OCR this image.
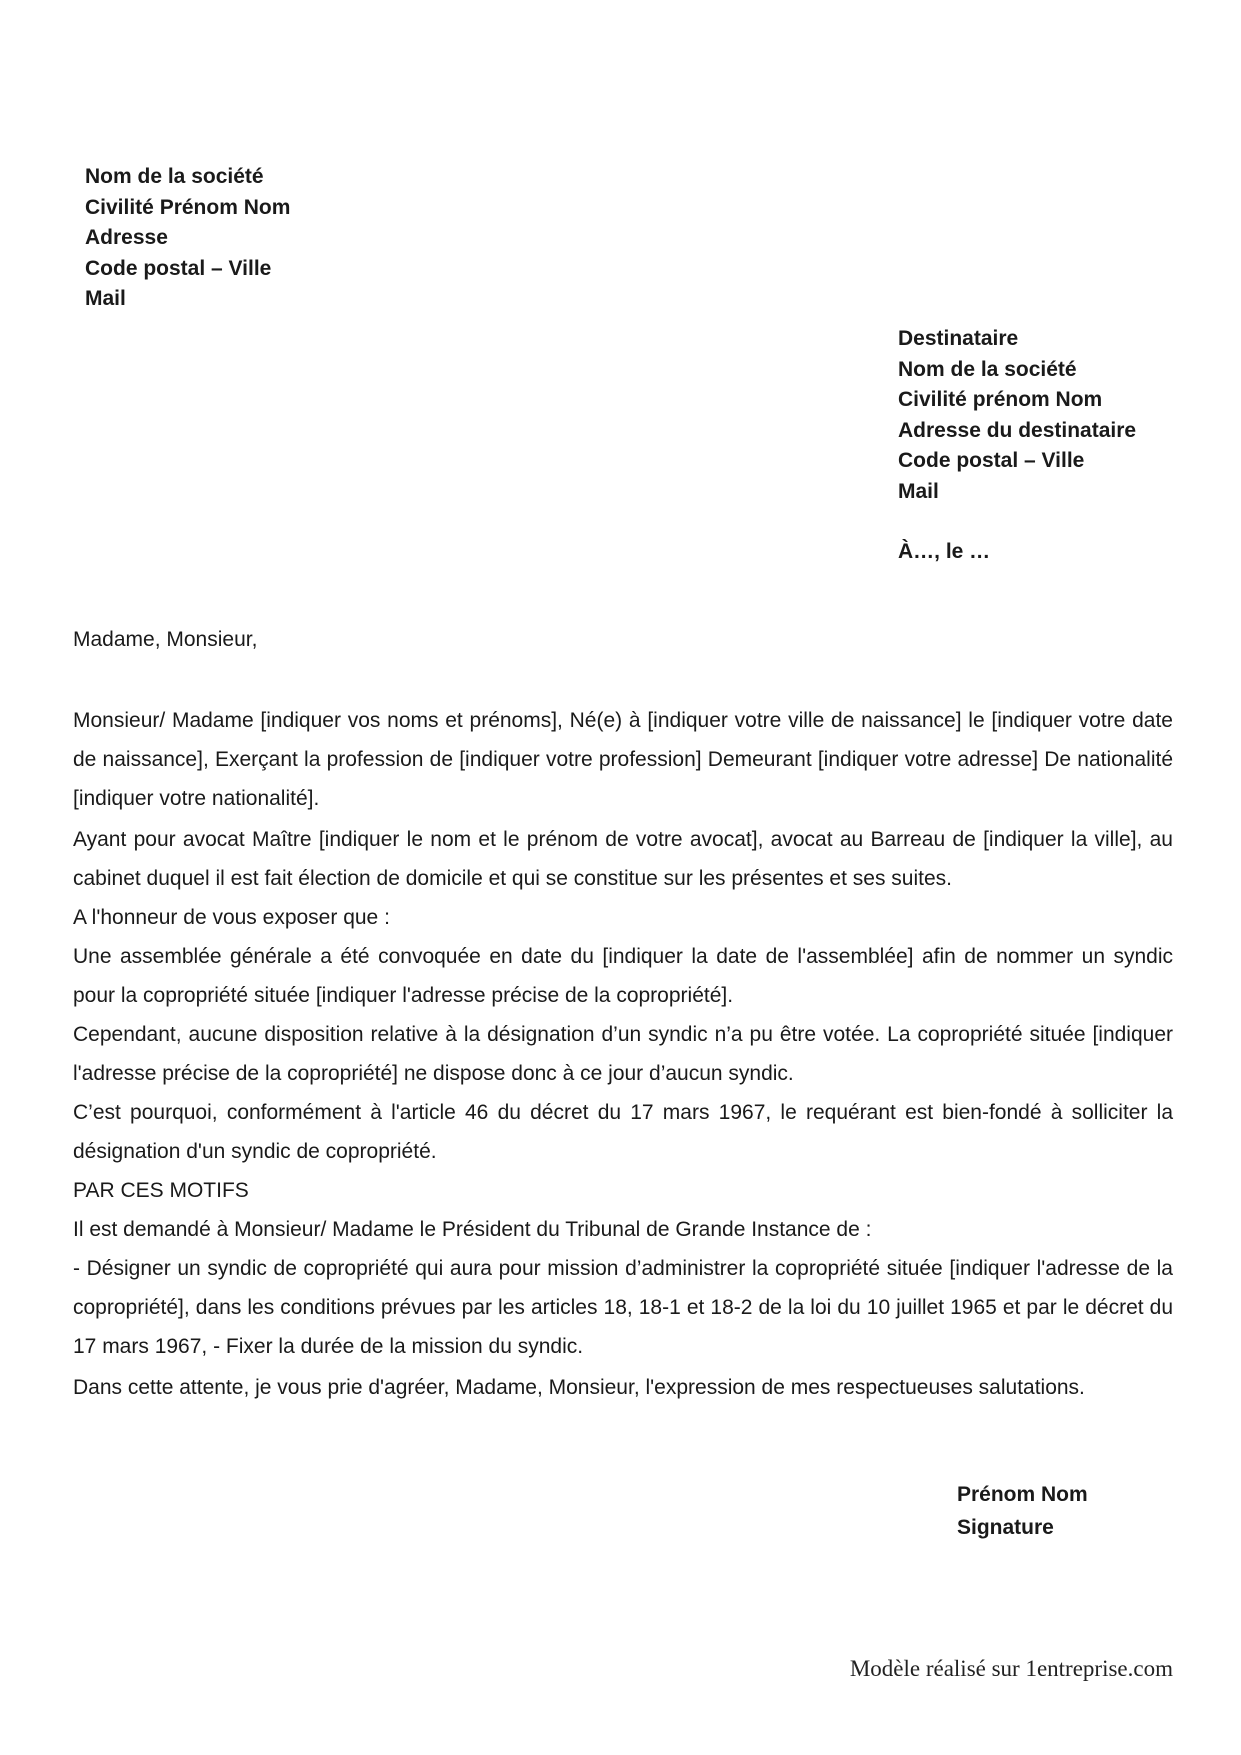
Nom de la société
Civilité Prénom Nom
Adresse
Code postal – Ville
Mail
Destinataire
Nom de la société
Civilité prénom Nom
Adresse du destinataire
Code postal – Ville
Mail
À…, le …
Madame, Monsieur,

Monsieur/ Madame [indiquer vos noms et prénoms], Né(e) à [indiquer votre ville de naissance] le [indiquer votre date de naissance], Exerçant la profession de [indiquer votre profession] Demeurant [indiquer votre adresse] De nationalité [indiquer votre nationalité].

Ayant pour avocat Maître [indiquer le nom et le prénom de votre avocat], avocat au Barreau de [indiquer la ville], au cabinet duquel il est fait élection de domicile et qui se constitue sur les présentes et ses suites.

A l'honneur de vous exposer que :

Une assemblée générale a été convoquée en date du [indiquer la date de l'assemblée] afin de nommer un syndic pour la copropriété située [indiquer l'adresse précise de la copropriété].

Cependant, aucune disposition relative à la désignation d’un syndic n’a pu être votée. La copropriété située [indiquer l'adresse précise de la copropriété] ne dispose donc à ce jour d’aucun syndic.

C’est pourquoi, conformément à l'article 46 du décret du 17 mars 1967, le requérant est bien-fondé à solliciter la désignation d'un syndic de copropriété.

PAR CES MOTIFS

Il est demandé à Monsieur/ Madame le Président du Tribunal de Grande Instance de :

- Désigner un syndic de copropriété qui aura pour mission d’administrer la copropriété située [indiquer l'adresse de la copropriété], dans les conditions prévues par les articles 18, 18-1 et 18-2 de la loi du 10 juillet 1965 et par le décret du 17 mars 1967, - Fixer la durée de la mission du syndic.

Dans cette attente, je vous prie d'agréer, Madame, Monsieur, l'expression de mes respectueuses salutations.

Prénom Nom
Signature
Modèle réalisé sur 1entreprise.com
